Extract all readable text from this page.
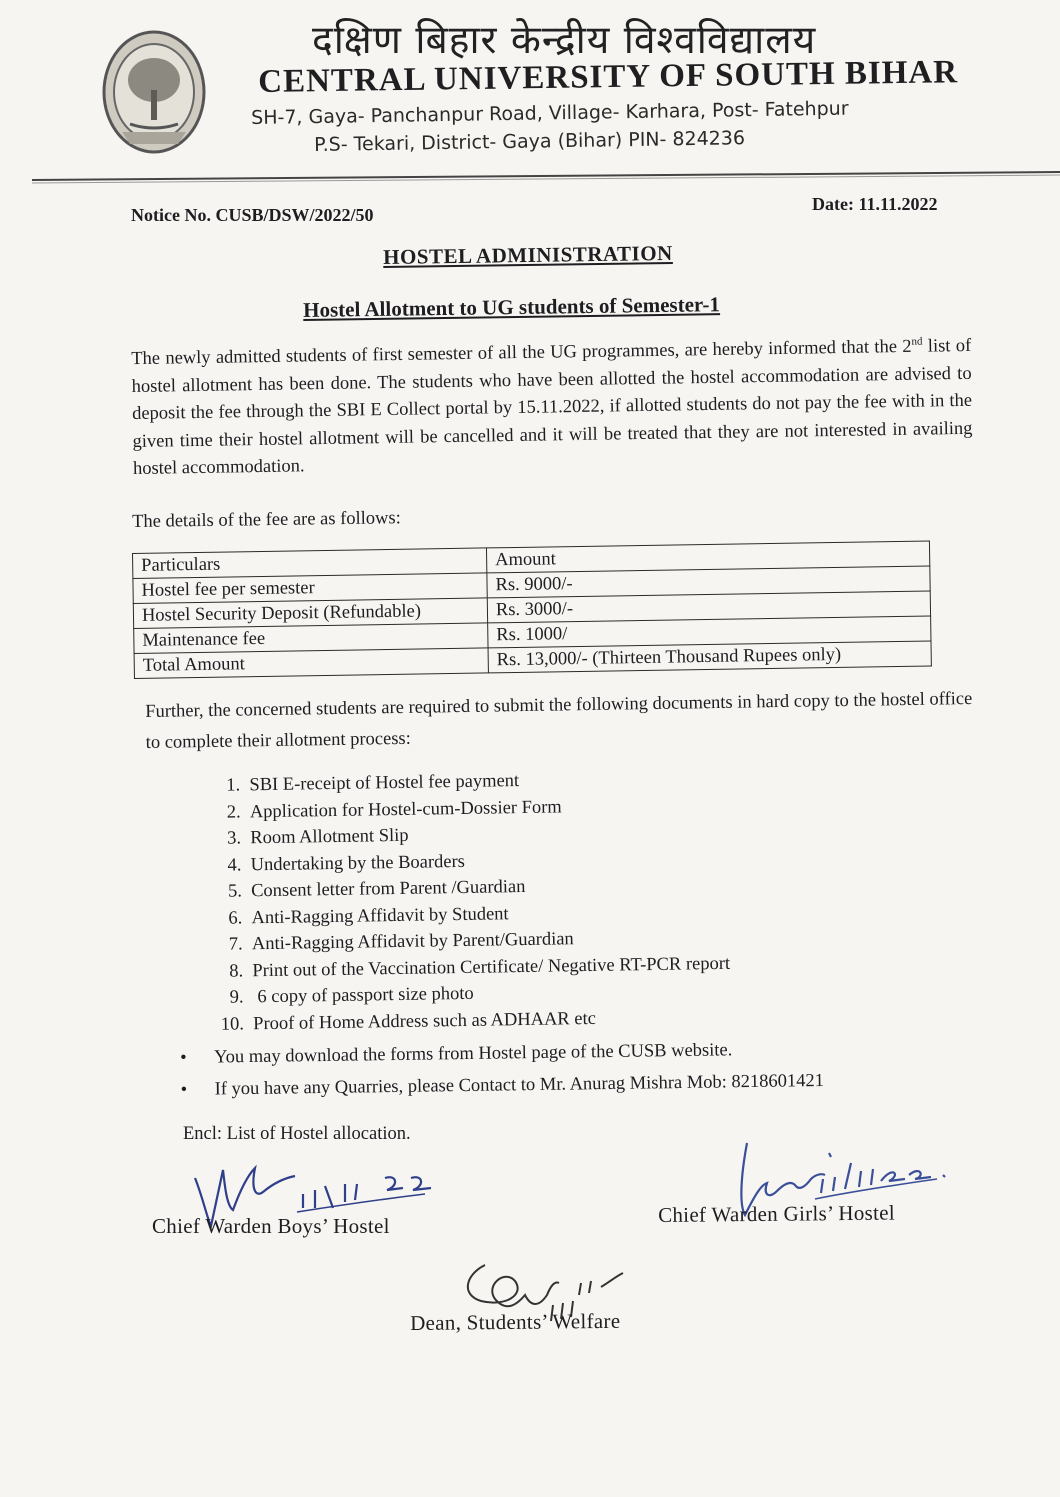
दक्षिण बिहार केन्द्रीय विश्वविद्यालय
CENTRAL UNIVERSITY OF SOUTH BIHAR
SH-7, Gaya- Panchanpur Road, Village- Karhara, Post- Fatehpur
P.S- Tekari, District- Gaya (Bihar) PIN- 824236
Notice No. CUSB/DSW/2022/50
Date: 11.11.2022
HOSTEL ADMINISTRATION
Hostel Allotment to UG students of Semester-1
The newly admitted students of first semester of all the UG programmes, are hereby informed that the 2nd list of hostel allotment has been done. The students who have been allotted the hostel accommodation are advised to deposit the fee through the SBI E Collect portal by 15.11.2022, if allotted students do not pay the fee with in the given time their hostel allotment will be cancelled and it will be treated that they are not interested in availing hostel accommodation.
The details of the fee are as follows:
Particulars	Amount
Hostel fee per semester	Rs. 9000/-
Hostel Security Deposit (Refundable)	Rs. 3000/-
Maintenance fee	Rs. 1000/
Total Amount	Rs. 13,000/- (Thirteen Thousand Rupees only)
Further, the concerned students are required to submit the following documents in hard copy to the hostel office to complete their allotment process:
1. SBI E-receipt of Hostel fee payment
2. Application for Hostel-cum-Dossier Form
3. Room Allotment Slip
4. Undertaking by the Boarders
5. Consent letter from Parent /Guardian
6. Anti-Ragging Affidavit by Student
7. Anti-Ragging Affidavit by Parent/Guardian
8. Print out of the Vaccination Certificate/ Negative RT-PCR report
9. 6 copy of passport size photo
10. Proof of Home Address such as ADHAAR etc
• You may download the forms from Hostel page of the CUSB website.
• If you have any Quarries, please Contact to Mr. Anurag Mishra Mob: 8218601421
Encl: List of Hostel allocation.
Chief Warden Boys’ Hostel	Chief Warden Girls’ Hostel
Dean, Students’ Welfare
